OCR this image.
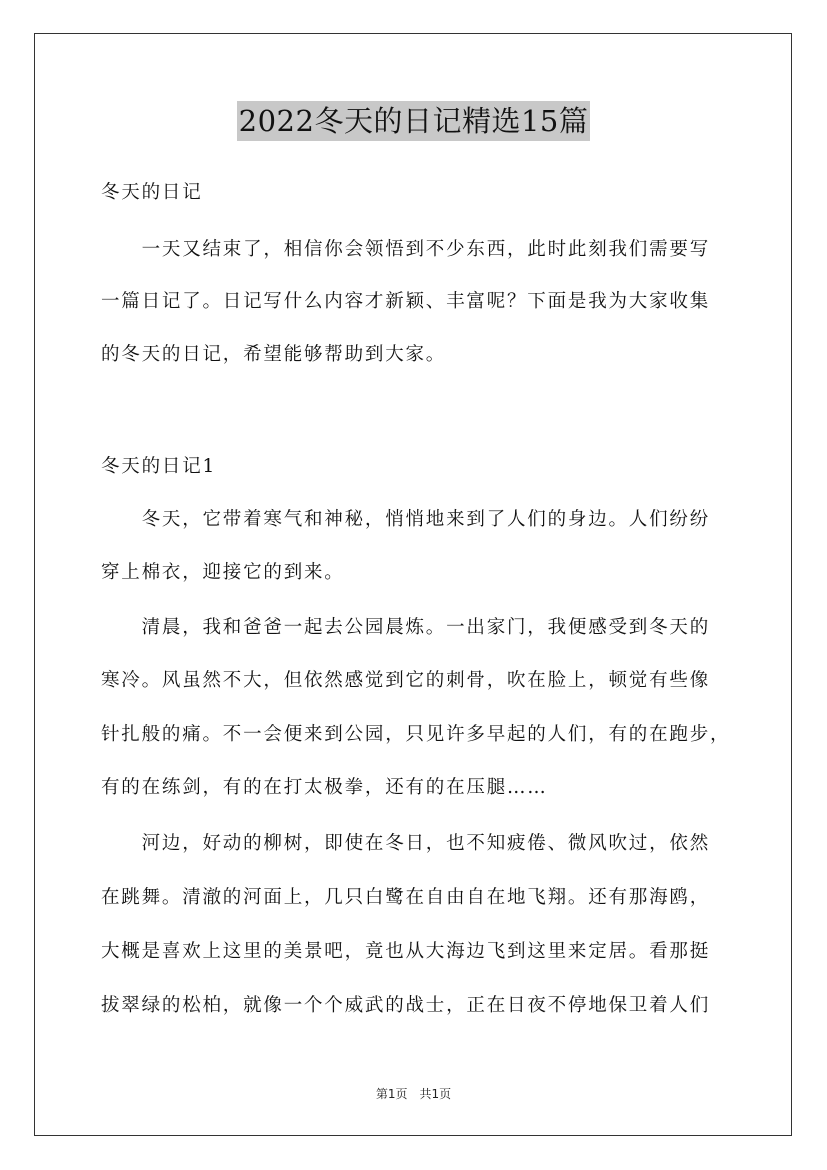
2022冬天的日记精选15篇
冬天的日记
　　一天又结束了，相信你会领悟到不少东西，此时此刻我们需要写
一篇日记了。日记写什么内容才新颖、丰富呢？下面是我为大家收集
的冬天的日记，希望能够帮助到大家。
冬天的日记1
　　冬天，它带着寒气和神秘，悄悄地来到了人们的身边。人们纷纷
穿上棉衣，迎接它的到来。
　　清晨，我和爸爸一起去公园晨炼。一出家门，我便感受到冬天的
寒冷。风虽然不大，但依然感觉到它的刺骨，吹在脸上，顿觉有些像
针扎般的痛。不一会便来到公园，只见许多早起的人们，有的在跑步，
有的在练剑，有的在打太极拳，还有的在压腿……
　　河边，好动的柳树，即使在冬日，也不知疲倦、微风吹过，依然
在跳舞。清澈的河面上，几只白鹭在自由自在地飞翔。还有那海鸥，
大概是喜欢上这里的美景吧，竟也从大海边飞到这里来定居。看那挺
拔翠绿的松柏，就像一个个威武的战士，正在日夜不停地保卫着人们
第1页　共1页
